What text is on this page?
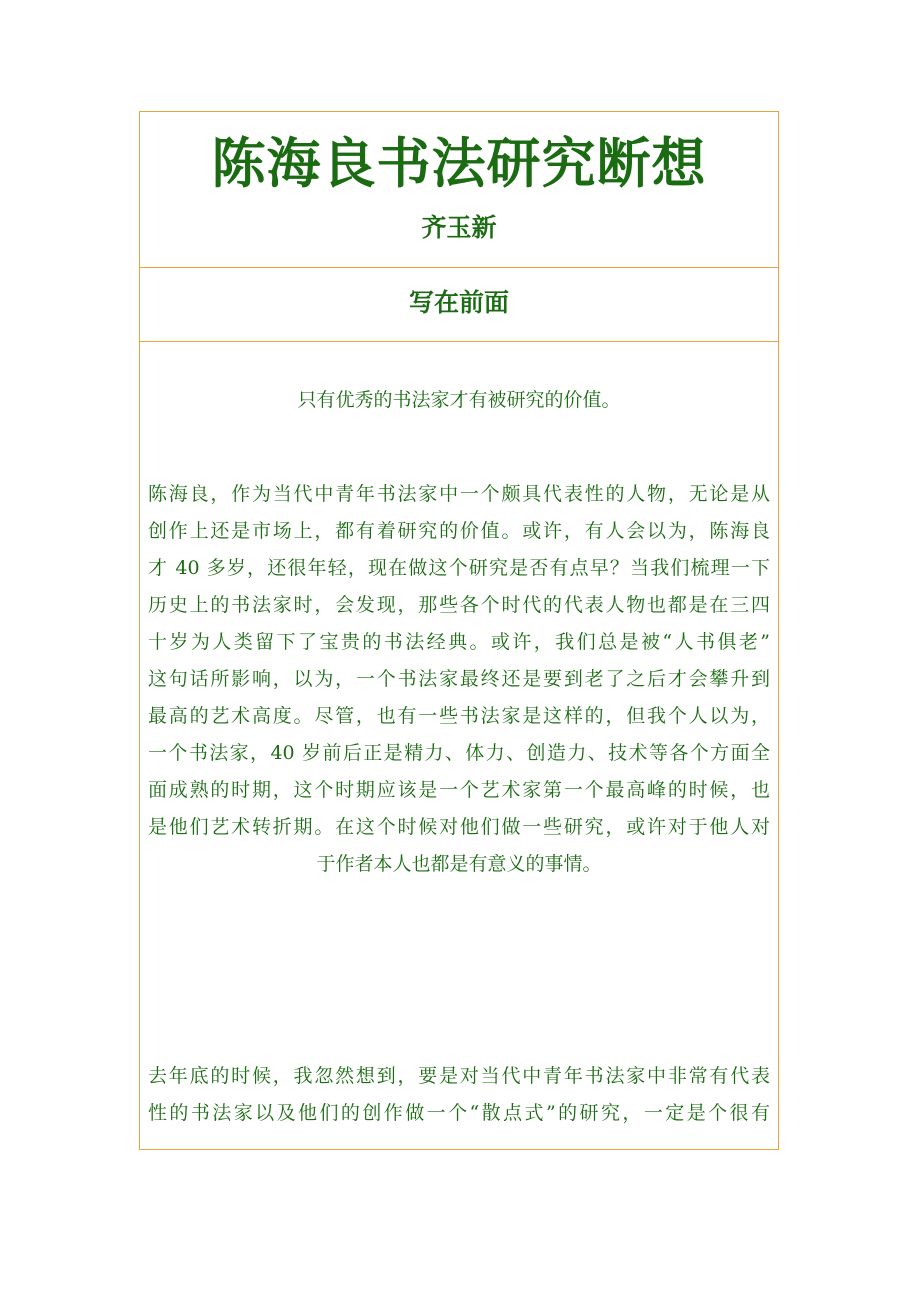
陈海良书法研究断想
齐玉新
写在前面

只有优秀的书法家才有被研究的价值。

陈海良，作为当代中青年书法家中一个颇具代表性的人物，无论是从
创作上还是市场上，都有着研究的价值。或许，有人会以为，陈海良
才 40 多岁，还很年轻，现在做这个研究是否有点早？当我们梳理一下
历史上的书法家时，会发现，那些各个时代的代表人物也都是在三四
十岁为人类留下了宝贵的书法经典。或许，我们总是被“人书俱老”
这句话所影响，以为，一个书法家最终还是要到老了之后才会攀升到
最高的艺术高度。尽管，也有一些书法家是这样的，但我个人以为，
一个书法家，40 岁前后正是精力、体力、创造力、技术等各个方面全
面成熟的时期，这个时期应该是一个艺术家第一个最高峰的时候，也
是他们艺术转折期。在这个时候对他们做一些研究，或许对于他人对
于作者本人也都是有意义的事情。
去年底的时候，我忽然想到，要是对当代中青年书法家中非常有代表
性的书法家以及他们的创作做一个“散点式”的研究，一定是个很有
